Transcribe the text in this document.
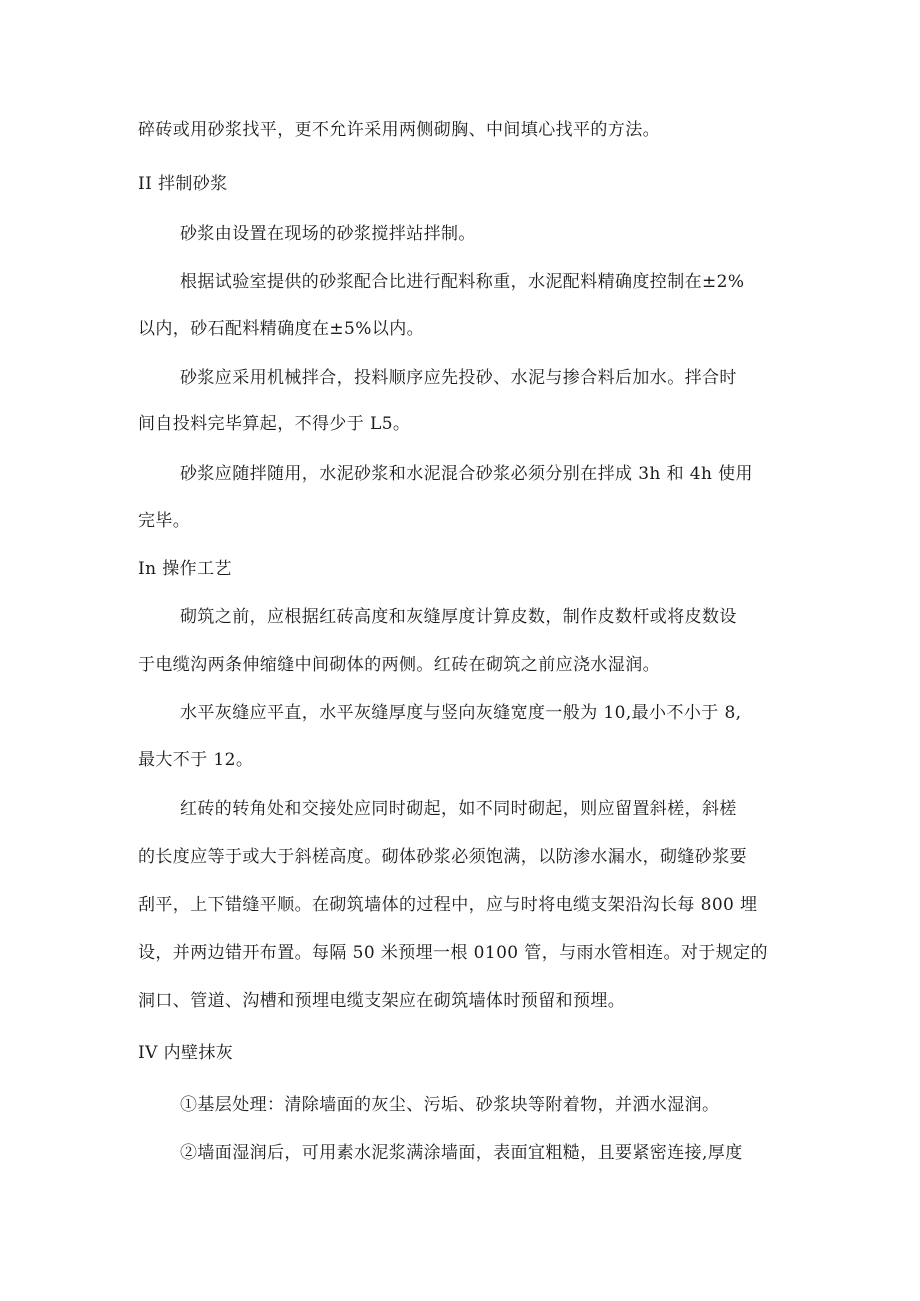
碎砖或用砂浆找平，更不允许采用两侧砌胸、中间填心找平的方法。
II 拌制砂浆
砂浆由设置在现场的砂浆搅拌站拌制。
根据试验室提供的砂浆配合比进行配料称重，水泥配料精确度控制在±2%
以内，砂石配料精确度在±5%以内。
砂浆应采用机械拌合，投料顺序应先投砂、水泥与掺合料后加水。拌合时
间自投料完毕算起，不得少于 L5。
砂浆应随拌随用，水泥砂浆和水泥混合砂浆必须分别在拌成 3h 和 4h 使用
完毕。
In 操作工艺
砌筑之前，应根据红砖高度和灰缝厚度计算皮数，制作皮数杆或将皮数设
于电缆沟两条伸缩缝中间砌体的两侧。红砖在砌筑之前应浇水湿润。
水平灰缝应平直，水平灰缝厚度与竖向灰缝宽度一般为 10,最小不小于 8,
最大不于 12。
红砖的转角处和交接处应同时砌起，如不同时砌起，则应留置斜槎，斜槎
的长度应等于或大于斜槎高度。砌体砂浆必须饱满，以防渗水漏水，砌缝砂浆要
刮平，上下错缝平顺。在砌筑墙体的过程中，应与时将电缆支架沿沟长每 800 埋
设，并两边错开布置。每隔 50 米预埋一根 0100 管，与雨水管相连。对于规定的
洞口、管道、沟槽和预埋电缆支架应在砌筑墙体时预留和预埋。
IV 内壁抹灰
①基层处理：清除墙面的灰尘、污垢、砂浆块等附着物，并洒水湿润。
②墙面湿润后，可用素水泥浆满涂墙面，表面宜粗糙，且要紧密连接,厚度
